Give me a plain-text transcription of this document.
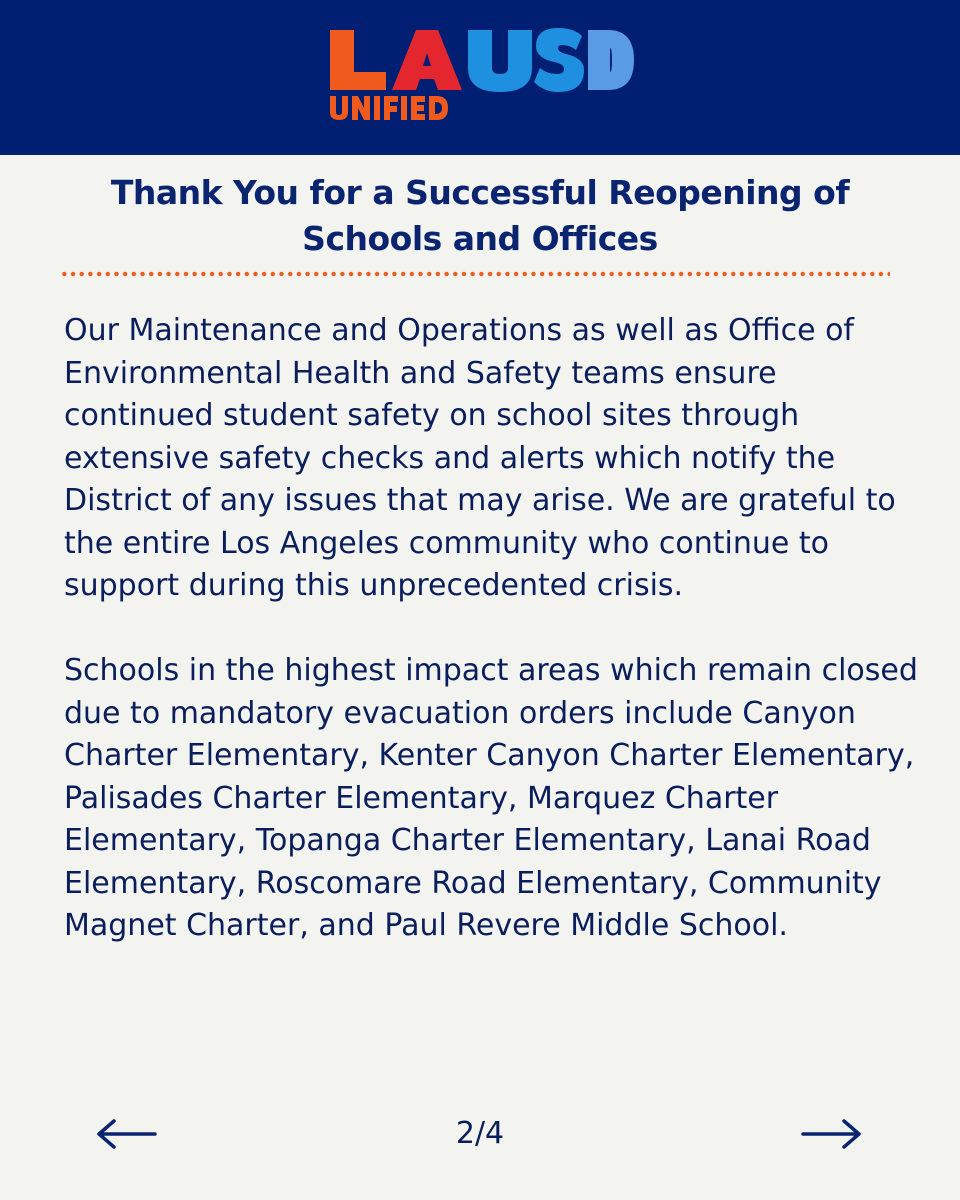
Thank You for a Successful Reopening of
Schools and Offices

Our Maintenance and Operations as well as Office of Environmental Health and Safety teams ensure continued student safety on school sites through extensive safety checks and alerts which notify the District of any issues that may arise. We are grateful to the entire Los Angeles community who continue to support during this unprecedented crisis.

Schools in the highest impact areas which remain closed due to mandatory evacuation orders include Canyon Charter Elementary, Kenter Canyon Charter Elementary, Palisades Charter Elementary, Marquez Charter Elementary, Topanga Charter Elementary, Lanai Road Elementary, Roscomare Road Elementary, Community Magnet Charter, and Paul Revere Middle School.

2/4
